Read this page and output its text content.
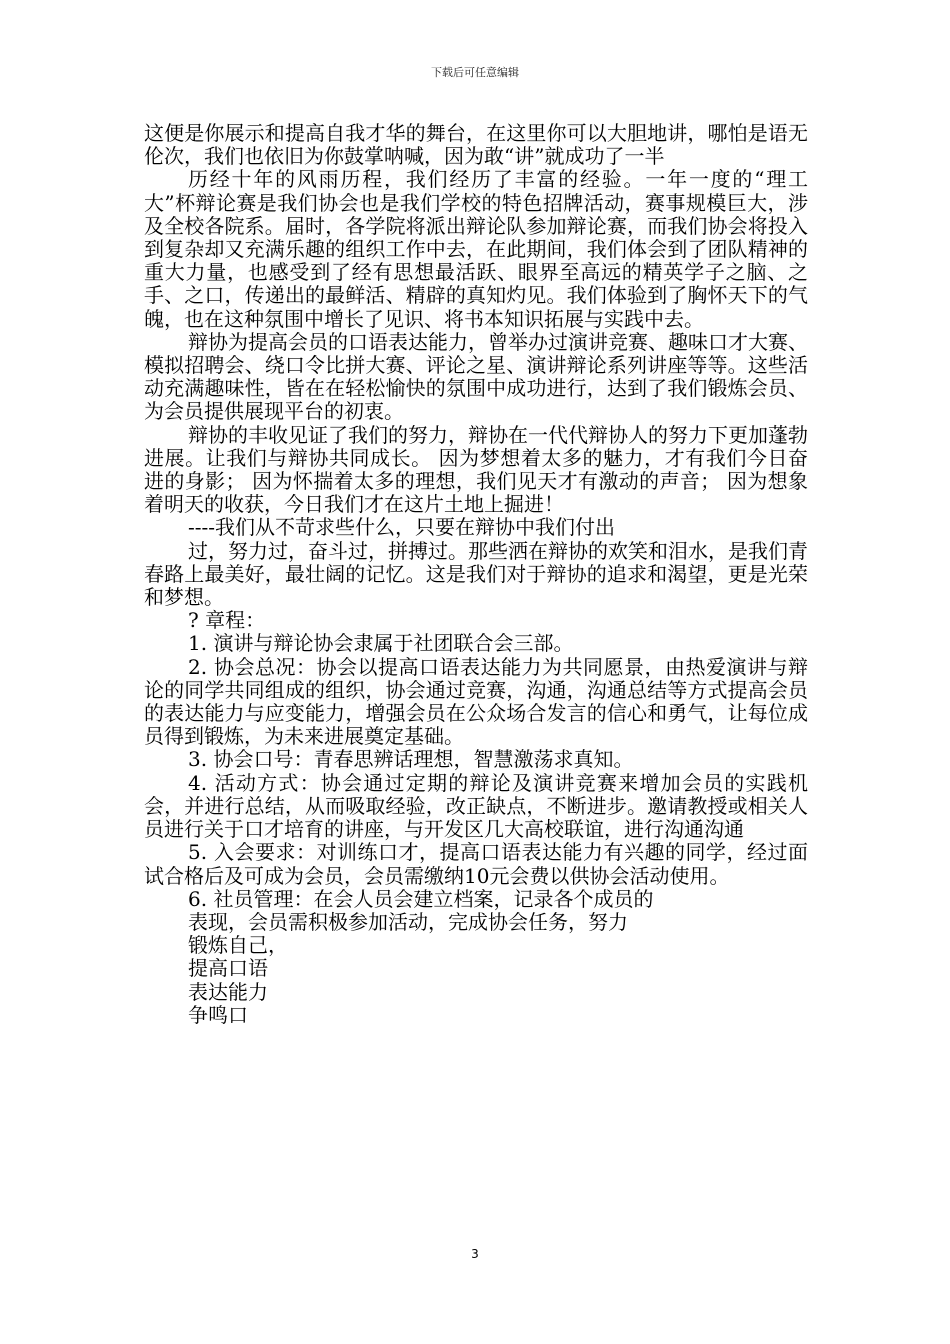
下载后可任意编辑

这便是你展示和提高自我才华的舞台，在这里你可以大胆地讲，哪怕是语无伦次，我们也依旧为你鼓掌呐喊，因为敢“讲”就成功了一半

历经十年的风雨历程，我们经历了丰富的经验。一年一度的“理工大”杯辩论赛是我们协会也是我们学校的特色招牌活动，赛事规模巨大，涉及全校各院系。届时，各学院将派出辩论队参加辩论赛，而我们协会将投入到复杂却又充满乐趣的组织工作中去，在此期间，我们体会到了团队精神的重大力量，也感受到了经有思想最活跃、眼界至高远的精英学子之脑、之手、之口，传递出的最鲜活、精辟的真知灼见。我们体验到了胸怀天下的气魄，也在这种氛围中增长了见识、将书本知识拓展与实践中去。

辩协为提高会员的口语表达能力，曾举办过演讲竞赛、趣味口才大赛、模拟招聘会、绕口令比拼大赛、评论之星、演讲辩论系列讲座等等。这些活动充满趣味性，皆在在轻松愉快的氛围中成功进行，达到了我们锻炼会员、为会员提供展现平台的初衷。

辩协的丰收见证了我们的努力，辩协在一代代辩协人的努力下更加蓬勃进展。让我们与辩协共同成长。 因为梦想着太多的魅力，才有我们今日奋进的身影； 因为怀揣着太多的理想，我们见天才有激动的声音； 因为想象着明天的收获，今日我们才在这片土地上掘进！

----我们从不苛求些什么，只要在辩协中我们付出

过，努力过，奋斗过，拼搏过。那些洒在辩协的欢笑和泪水，是我们青春路上最美好，最壮阔的记忆。这是我们对于辩协的追求和渴望，更是光荣和梦想。

? 章程：

1. 演讲与辩论协会隶属于社团联合会三部。

2. 协会总况：协会以提高口语表达能力为共同愿景，由热爱演讲与辩论的同学共同组成的组织，协会通过竞赛，沟通，沟通总结等方式提高会员的表达能力与应变能力，增强会员在公众场合发言的信心和勇气，让每位成员得到锻炼，为未来进展奠定基础。

3. 协会口号：青春思辨话理想，智慧激荡求真知。

4. 活动方式：协会通过定期的辩论及演讲竞赛来增加会员的实践机会，并进行总结，从而吸取经验，改正缺点，不断进步。邀请教授或相关人员进行关于口才培育的讲座，与开发区几大高校联谊，进行沟通沟通

5. 入会要求：对训练口才，提高口语表达能力有兴趣的同学，经过面试合格后及可成为会员，会员需缴纳10元会费以供协会活动使用。

6. 社员管理：在会人员会建立档案，记录各个成员的

表现，会员需积极参加活动，完成协会任务，努力

锻炼自己，

提高口语

表达能力

争鸣口

3
